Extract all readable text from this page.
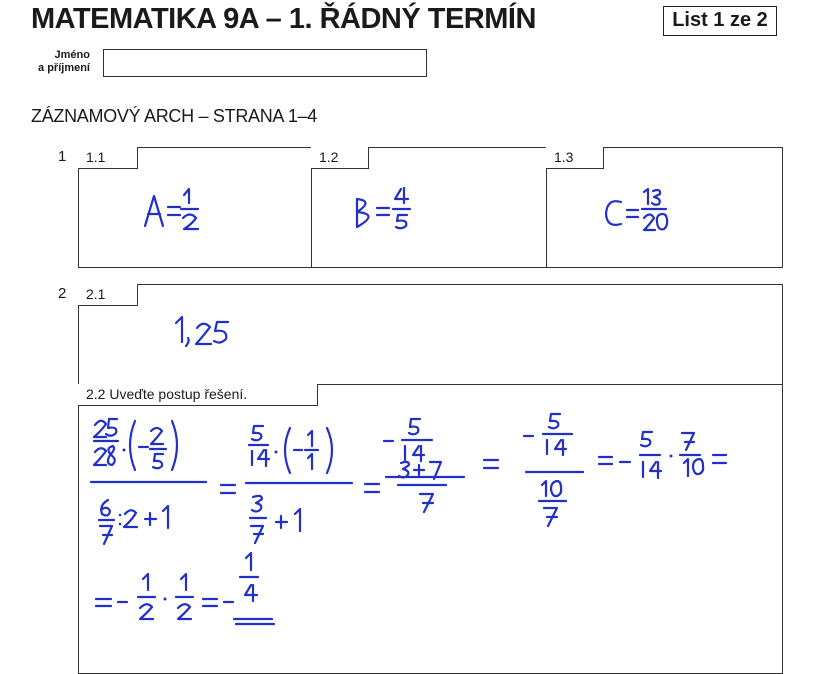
MATEMATIKA 9A – 1. ŘÁDNÝ TERMÍN	List 1 ze 2
Jméno
a příjmení
ZÁZNAMOVÝ ARCH – STRANA 1–4
1	1.1	1.2	1.3
2	2.1
2.2 Uveďte postup řešení.
